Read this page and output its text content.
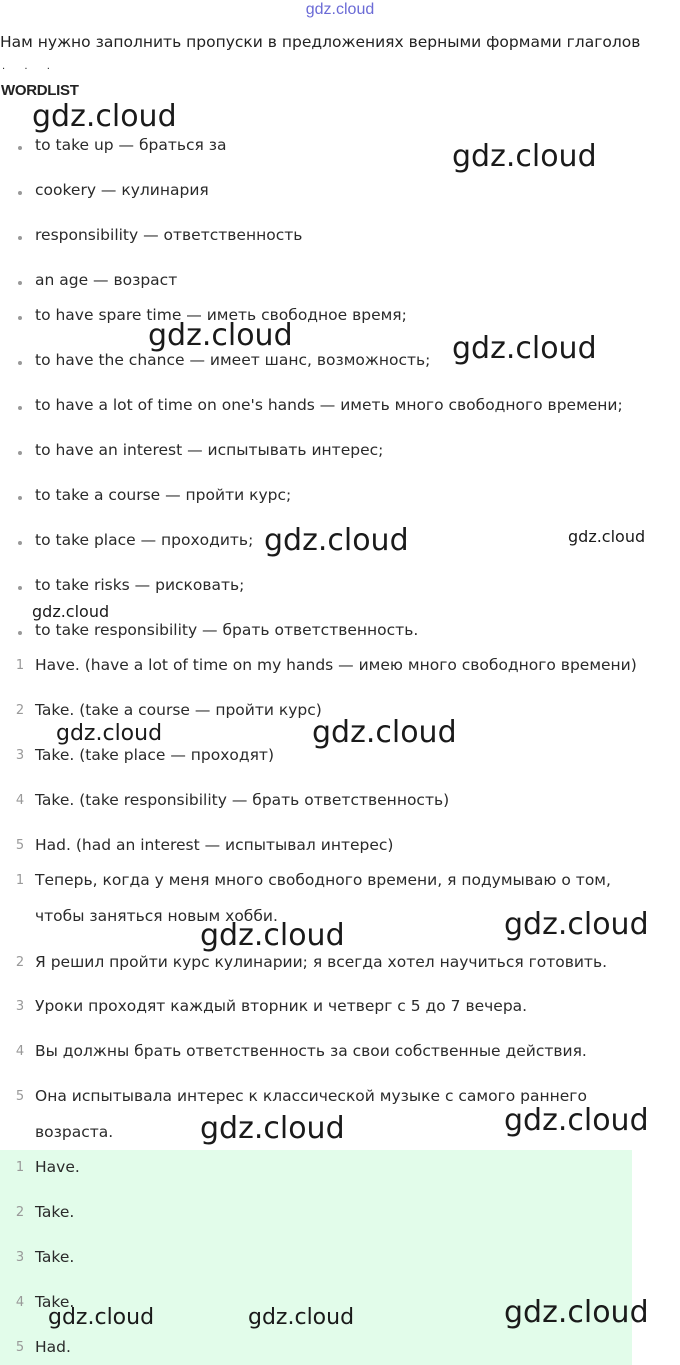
gdz.cloud
Нам нужно заполнить пропуски в предложениях верными формами глаголов
. . .
WORDLIST
to take up — браться за
cookery — кулинария
responsibility — ответственность
an age — возраст
to have spare time — иметь свободное время;
to have the chance — имеет шанс, возможность;
to have a lot of time on one's hands — иметь много свободного времени;
to have an interest — испытывать интерес;
to take a course — пройти курс;
to take place — проходить;
to take risks — рисковать;
to take responsibility — брать ответственность.
1 Have. (have a lot of time on my hands — имею много свободного времени)
2 Take. (take a course — пройти курс)
3 Take. (take place — проходят)
4 Take. (take responsibility — брать ответственность)
5 Had. (had an interest — испытывал интерес)
1 Теперь, когда у меня много свободного времени, я подумываю о том,
чтобы заняться новым хобби.
2 Я решил пройти курс кулинарии; я всегда хотел научиться готовить.
3 Уроки проходят каждый вторник и четверг с 5 до 7 вечера.
4 Вы должны брать ответственность за свои собственные действия.
5 Она испытывала интерес к классической музыке с самого раннего
возраста.
1 Have.
2 Take.
3 Take.
4 Take.
5 Had.
gdz.cloud
gdz.cloud
gdz.cloud	gdz.cloud
gdz.cloud	gdz.cloud
gdz.cloud
gdz.cloud	gdz.cloud
gdz.cloud
gdz.cloud
gdz.cloud
gdz.cloud
gdz.cloud	gdz.cloud	gdz.cloud
